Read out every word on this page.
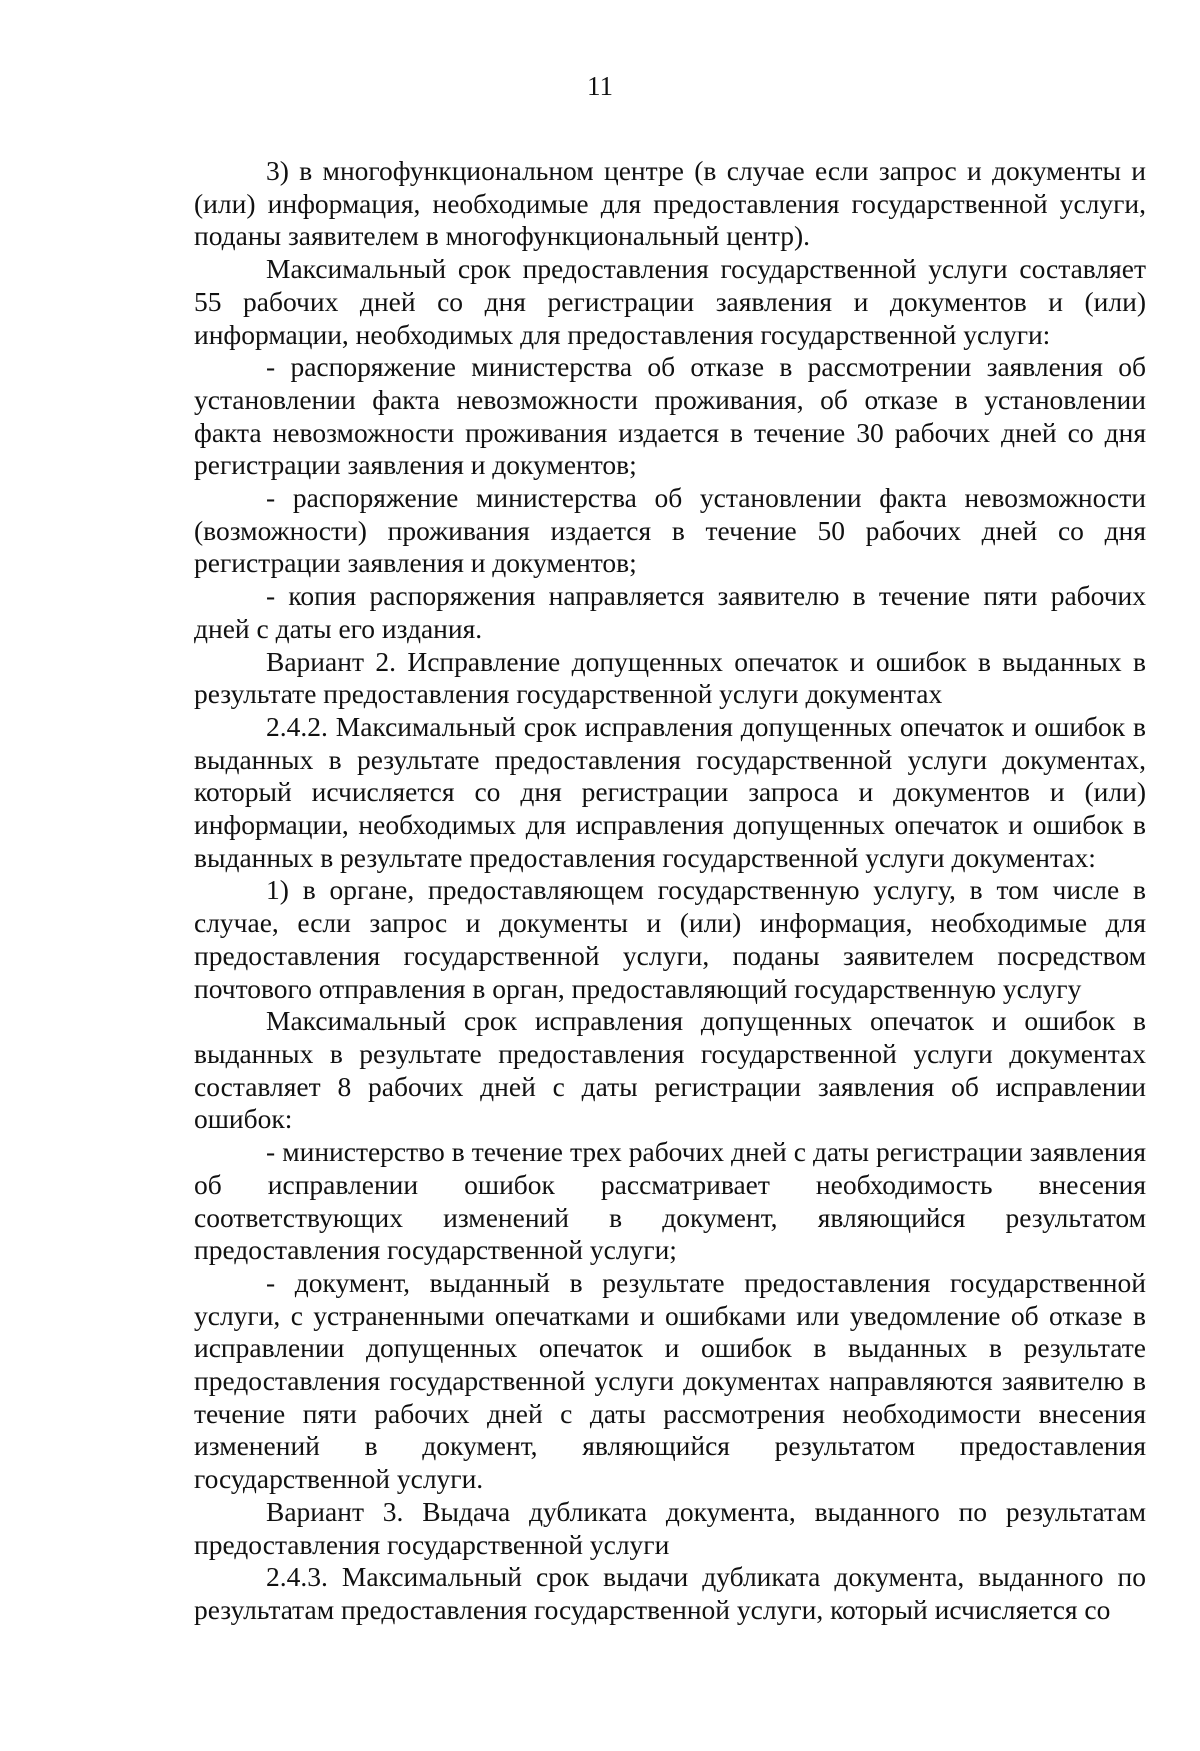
11

3) в многофункциональном центре (в случае если запрос и документы и (или) информация, необходимые для предоставления государственной услуги, поданы заявителем в многофункциональный центр).

Максимальный срок предоставления государственной услуги составляет 55 рабочих дней со дня регистрации заявления и документов и (или) информации, необходимых для предоставления государственной услуги:

- распоряжение министерства об отказе в рассмотрении заявления об установлении факта невозможности проживания, об отказе в установлении факта невозможности проживания издается в течение 30 рабочих дней со дня регистрации заявления и документов;

- распоряжение министерства об установлении факта невозможности (возможности) проживания издается в течение 50 рабочих дней со дня регистрации заявления и документов;

- копия распоряжения направляется заявителю в течение пяти рабочих дней с даты его издания.

Вариант 2. Исправление допущенных опечаток и ошибок в выданных в результате предоставления государственной услуги документах

2.4.2. Максимальный срок исправления допущенных опечаток и ошибок в выданных в результате предоставления государственной услуги документах, который исчисляется со дня регистрации запроса и документов и (или) информации, необходимых для исправления допущенных опечаток и ошибок в выданных в результате предоставления государственной услуги документах:

1) в органе, предоставляющем государственную услугу, в том числе в случае, если запрос и документы и (или) информация, необходимые для предоставления государственной услуги, поданы заявителем посредством почтового отправления в орган, предоставляющий государственную услугу

Максимальный срок исправления допущенных опечаток и ошибок в выданных в результате предоставления государственной услуги документах составляет 8 рабочих дней с даты регистрации заявления об исправлении ошибок:

- министерство в течение трех рабочих дней с даты регистрации заявления об исправлении ошибок рассматривает необходимость внесения соответствующих изменений в документ, являющийся результатом предоставления государственной услуги;

- документ, выданный в результате предоставления государственной услуги, с устраненными опечатками и ошибками или уведомление об отказе в исправлении допущенных опечаток и ошибок в выданных в результате предоставления государственной услуги документах направляются заявителю в течение пяти рабочих дней с даты рассмотрения необходимости внесения изменений в документ, являющийся результатом предоставления государственной услуги.

Вариант 3. Выдача дубликата документа, выданного по результатам предоставления государственной услуги

2.4.3. Максимальный срок выдачи дубликата документа, выданного по результатам предоставления государственной услуги, который исчисляется со
